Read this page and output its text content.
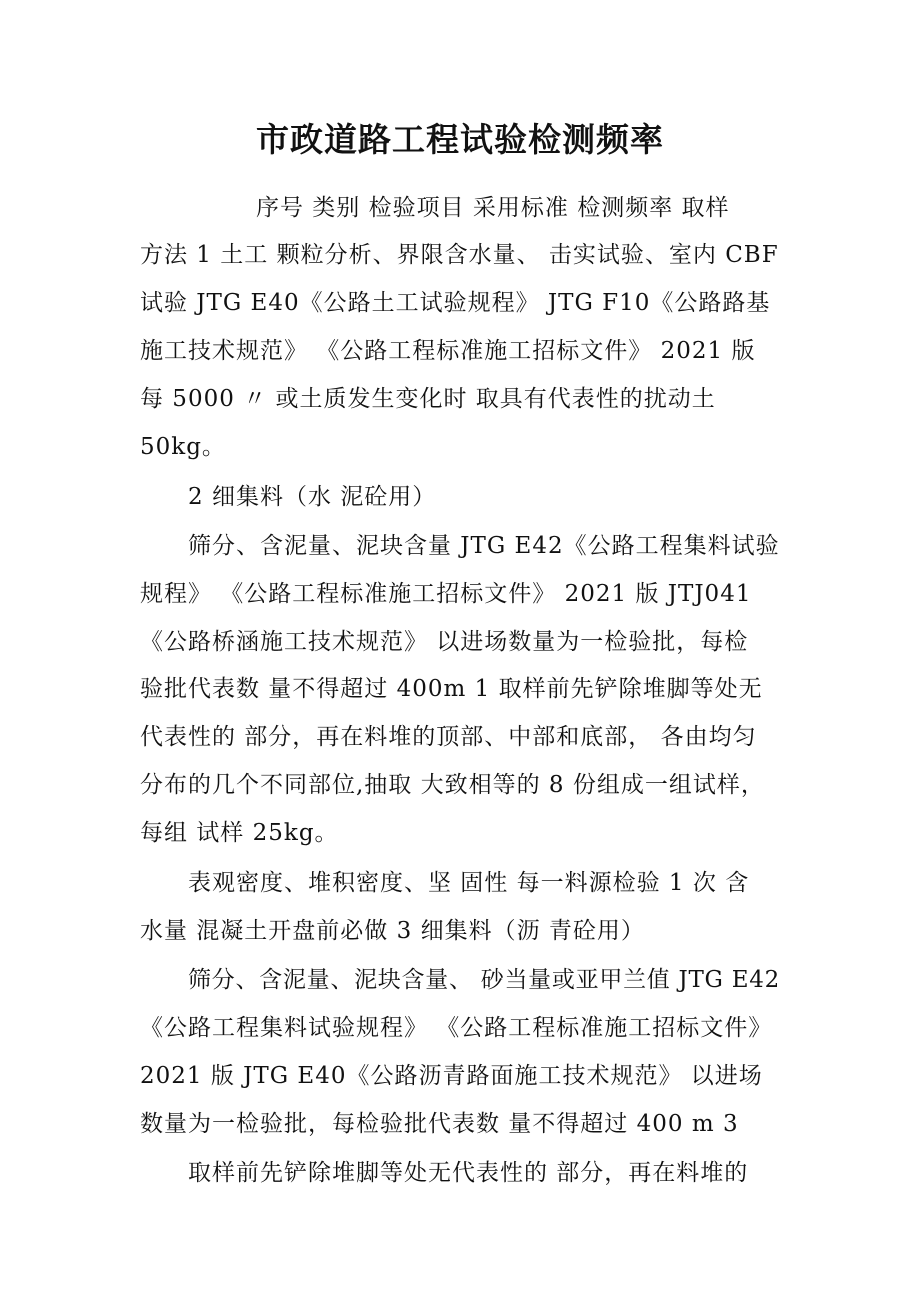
市政道路工程试验检测频率
序号 类别 检验项目 采用标准 检测频率 取样
方法 1 土工 颗粒分析、界限含水量、 击实试验、室内 CBF
试验 JTG E40《公路土工试验规程》 JTG F10《公路路基
施工技术规范》 《公路工程标准施工招标文件》 2021 版
每 5000 〃 或土质发生变化时 取具有代表性的扰动土
50kg。
2 细集料（水 泥砼用）
筛分、含泥量、泥块含量 JTG E42《公路工程集料试验
规程》 《公路工程标准施工招标文件》 2021 版 JTJ041
《公路桥涵施工技术规范》 以进场数量为一检验批，每检
验批代表数 量不得超过 400m 1 取样前先铲除堆脚等处无
代表性的 部分，再在料堆的顶部、中部和底部， 各由均匀
分布的几个不同部位,抽取 大致相等的 8 份组成一组试样，
每组 试样 25kg。
表观密度、堆积密度、坚 固性 每一料源检验 1 次 含
水量 混凝土开盘前必做 3 细集料（沥 青砼用）
筛分、含泥量、泥块含量、 砂当量或亚甲兰值 JTG E42
《公路工程集料试验规程》 《公路工程标准施工招标文件》
2021 版 JTG E40《公路沥青路面施工技术规范》 以进场
数量为一检验批，每检验批代表数 量不得超过 400 m 3
取样前先铲除堆脚等处无代表性的 部分，再在料堆的
